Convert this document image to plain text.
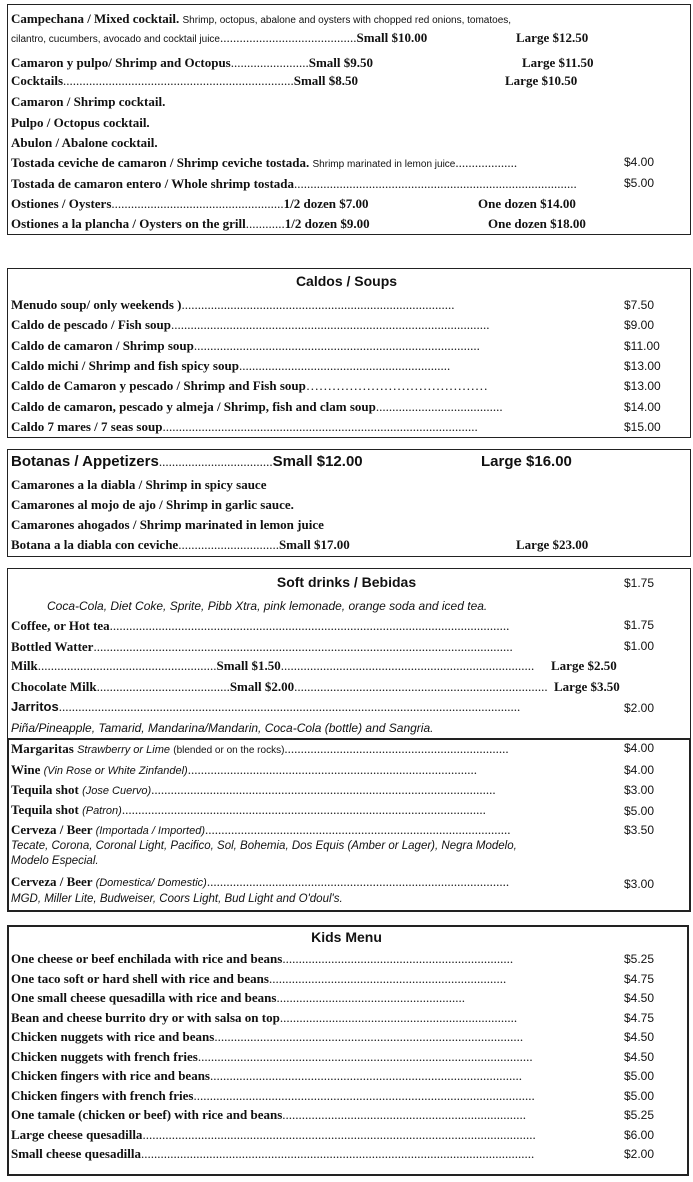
Campechana / Mixed cocktail. Shrimp, octopus, abalone and oysters with chopped red onions, tomatoes,
cilantro, cucumbers, avocado and cocktail juice..........................................Small $10.00	Large $12.50
Camaron y pulpo/ Shrimp and Octopus........................Small $9.50	Large $11.50
Cocktails.......................................................................Small $8.50	Large $10.50
Camaron / Shrimp cocktail.
Pulpo / Octopus cocktail.
Abulon / Abalone cocktail.
Tostada ceviche de camaron / Shrimp ceviche tostada. Shrimp marinated in lemon juice...................	$4.00
Tostada de camaron entero / Whole shrimp tostada.......................................................................................	$5.00
Ostiones / Oysters.....................................................1/2 dozen $7.00	One dozen $14.00
Ostiones a la plancha / Oysters on the grill............1/2 dozen $9.00	One dozen $18.00
Caldos / Soups
Menudo soup/ only weekends )....................................................................................	$7.50
Caldo de pescado / Fish soup..................................................................................................	$9.00
Caldo de camaron / Shrimp soup........................................................................................	$11.00
Caldo michi / Shrimp and fish spicy soup.................................................................	$13.00
Caldo de Camaron y pescado / Shrimp and Fish soup……………………………………	$13.00
Caldo de camaron, pescado y almeja / Shrimp, fish and clam soup.......................................	$14.00
Caldo 7 mares / 7 seas soup.................................................................................................	$15.00
Botanas / Appetizers...................................Small $12.00	Large $16.00
Camarones a la diabla / Shrimp in spicy sauce
Camarones al mojo de ajo / Shrimp in garlic sauce.
Camarones ahogados / Shrimp marinated in lemon juice
Botana a la diabla con ceviche...............................Small $17.00	Large $23.00
Soft drinks / Bebidas	$1.75
Coca-Cola, Diet Coke, Sprite, Pibb Xtra, pink lemonade, orange soda and iced tea.
Coffee, or Hot tea...........................................................................................................................	$1.75
Bottled Watter.................................................................................................................................	$1.00
Milk.......................................................Small $1.50.............................................................................. Large $2.50
Chocolate Milk.........................................Small $2.00.............................................................................. Large $3.50
Jarritos..............................................................................................................................................	$2.00
Piña/Pineapple, Tamarid, Mandarina/Mandarin, Coca-Cola (bottle) and Sangria.
Margaritas Strawberry or Lime (blended or on the rocks).....................................................................	$4.00
Wine (Vin Rose or White Zinfandel).........................................................................................	$4.00
Tequila shot (Jose Cuervo)..........................................................................................................	$3.00
Tequila shot (Patron)................................................................................................................	$5.00
Cerveza / Beer (Importada / Imported)..............................................................................................	$3.50
Tecate, Corona, Coronal Light, Pacifico, Sol, Bohemia, Dos Equis (Amber or Lager), Negra Modelo,
Modelo Especial.
Cerveza / Beer (Domestica/ Domestic).............................................................................................	$3.00
MGD, Miller Lite, Budweiser, Coors Light, Bud Light and O'doul's.
Kids Menu
One cheese or beef enchilada with rice and beans.......................................................................	$5.25
One taco soft or hard shell with rice and beans.........................................................................	$4.75
One small cheese quesadilla with rice and beans..........................................................	$4.50
Bean and cheese burrito dry or with salsa on top.........................................................................	$4.75
Chicken nuggets with rice and beans...............................................................................................	$4.50
Chicken nuggets with french fries.......................................................................................................	$4.50
Chicken fingers with rice and beans................................................................................................	$5.00
Chicken fingers with french fries.........................................................................................................	$5.00
One tamale (chicken or beef) with rice and beans...........................................................................	$5.25
Large cheese quesadilla.........................................................................................................................	$6.00
Small cheese quesadilla.........................................................................................................................	$2.00
